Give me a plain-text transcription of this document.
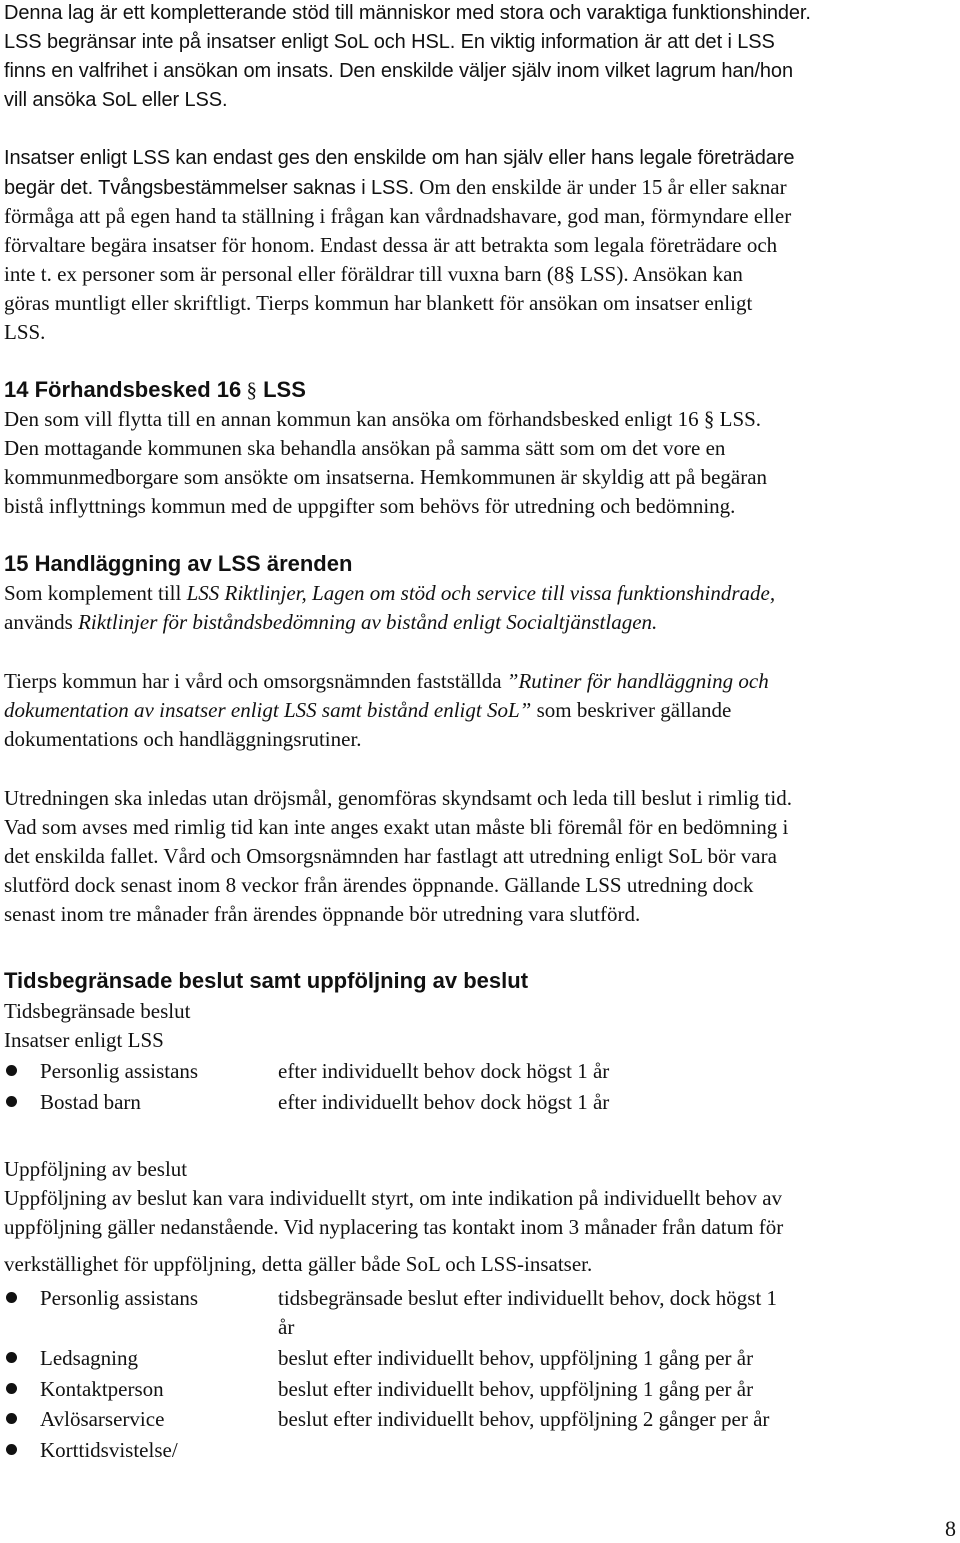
Denna lag är ett kompletterande stöd till människor med stora och varaktiga funktionshinder.
LSS begränsar inte på insatser enligt SoL och HSL. En viktig information är att det i LSS
finns en valfrihet i ansökan om insats. Den enskilde väljer själv inom vilket lagrum han/hon
vill ansöka SoL eller LSS.
Insatser enligt LSS kan endast ges den enskilde om han själv eller hans legale företrädare
begär det. Tvångsbestämmelser saknas i LSS. Om den enskilde är under 15 år eller saknar
förmåga att på egen hand ta ställning i frågan kan vårdnadshavare, god man, förmyndare eller
förvaltare begära insatser för honom. Endast dessa är att betrakta som legala företrädare och
inte t. ex personer som är personal eller föräldrar till vuxna barn (8§ LSS). Ansökan kan
göras muntligt eller skriftligt. Tierps kommun har blankett för ansökan om insatser enligt
LSS.
14 Förhandsbesked 16 § LSS
Den som vill flytta till en annan kommun kan ansöka om förhandsbesked enligt 16 § LSS.
Den mottagande kommunen ska behandla ansökan på samma sätt som om det vore en
kommunmedborgare som ansökte om insatserna. Hemkommunen är skyldig att på begäran
bistå inflyttnings kommun med de uppgifter som behövs för utredning och bedömning.
15 Handläggning av LSS ärenden
Som komplement till LSS Riktlinjer, Lagen om stöd och service till vissa funktionshindrade,
används Riktlinjer för biståndsbedömning av bistånd enligt Socialtjänstlagen.
Tierps kommun har i vård och omsorgsnämnden fastställda ”Rutiner för handläggning och
dokumentation av insatser enligt LSS samt bistånd enligt SoL” som beskriver gällande
dokumentations och handläggningsrutiner.
Utredningen ska inledas utan dröjsmål, genomföras skyndsamt och leda till beslut i rimlig tid.
Vad som avses med rimlig tid kan inte anges exakt utan måste bli föremål för en bedömning i
det enskilda fallet. Vård och Omsorgsnämnden har fastlagt att utredning enligt SoL bör vara
slutförd dock senast inom 8 veckor från ärendes öppnande. Gällande LSS utredning dock
senast inom tre månader från ärendes öppnande bör utredning vara slutförd.
Tidsbegränsade beslut samt uppföljning av beslut
Tidsbegränsade beslut
Insatser enligt LSS
Personlig assistans	efter individuellt behov dock högst 1 år
Bostad barn	efter individuellt behov dock högst 1 år
Uppföljning av beslut
Uppföljning av beslut kan vara individuellt styrt, om inte indikation på individuellt behov av
uppföljning gäller nedanstående. Vid nyplacering tas kontakt inom 3 månader från datum för
verkställighet för uppföljning, detta gäller både SoL och LSS-insatser.
Personlig assistans	tidsbegränsade beslut efter individuellt behov, dock högst 1
år
Ledsagning	beslut efter individuellt behov, uppföljning 1 gång per år
Kontaktperson	beslut efter individuellt behov, uppföljning 1 gång per år
Avlösarservice	beslut efter individuellt behov, uppföljning 2 gånger per år
Korttidsvistelse/
8
